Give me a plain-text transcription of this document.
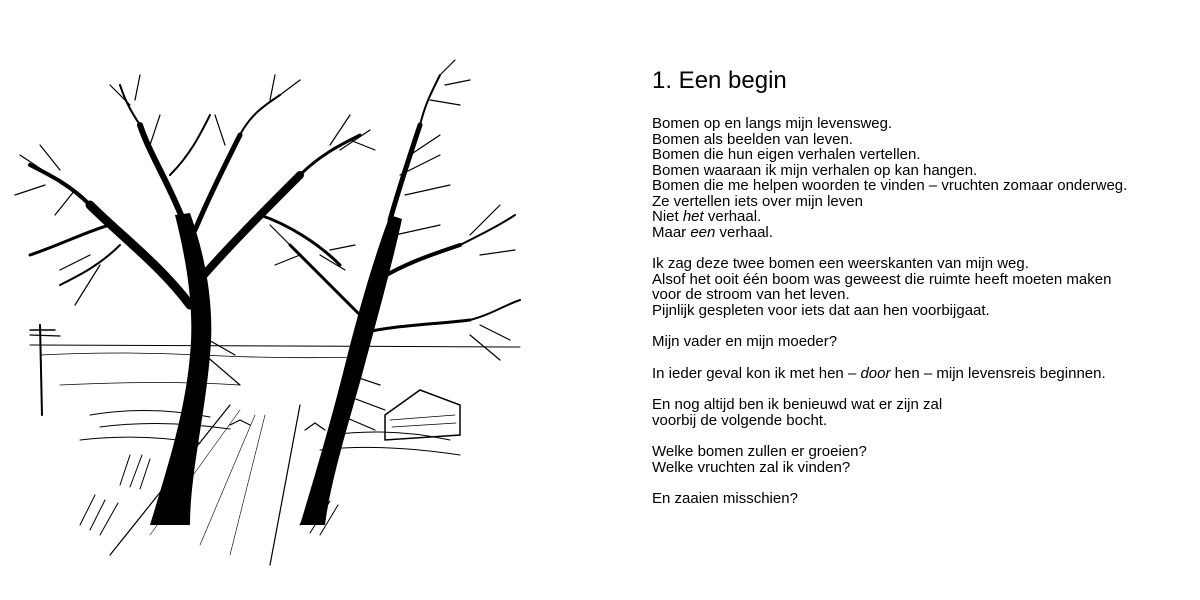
1. Een begin
Bomen op en langs mijn levensweg.
Bomen als beelden van leven.
Bomen die hun eigen verhalen vertellen.
Bomen waaraan ik mijn verhalen op kan hangen.
Bomen die me helpen woorden te vinden – vruchten zomaar onderweg.
Ze vertellen iets over mijn leven
Niet het verhaal.
Maar een verhaal.
Ik zag deze twee bomen een weerskanten van mijn weg.
Alsof het ooit één boom was geweest die ruimte heeft moeten maken
voor de stroom van het leven.
Pijnlijk gespleten voor iets dat aan hen voorbijgaat.
Mijn vader en mijn moeder?
In ieder geval kon ik met hen – door hen – mijn levensreis beginnen.
En nog altijd ben ik benieuwd wat er zijn zal
voorbij de volgende bocht.
Welke bomen zullen er groeien?
Welke vruchten zal ik vinden?
En zaaien misschien?
